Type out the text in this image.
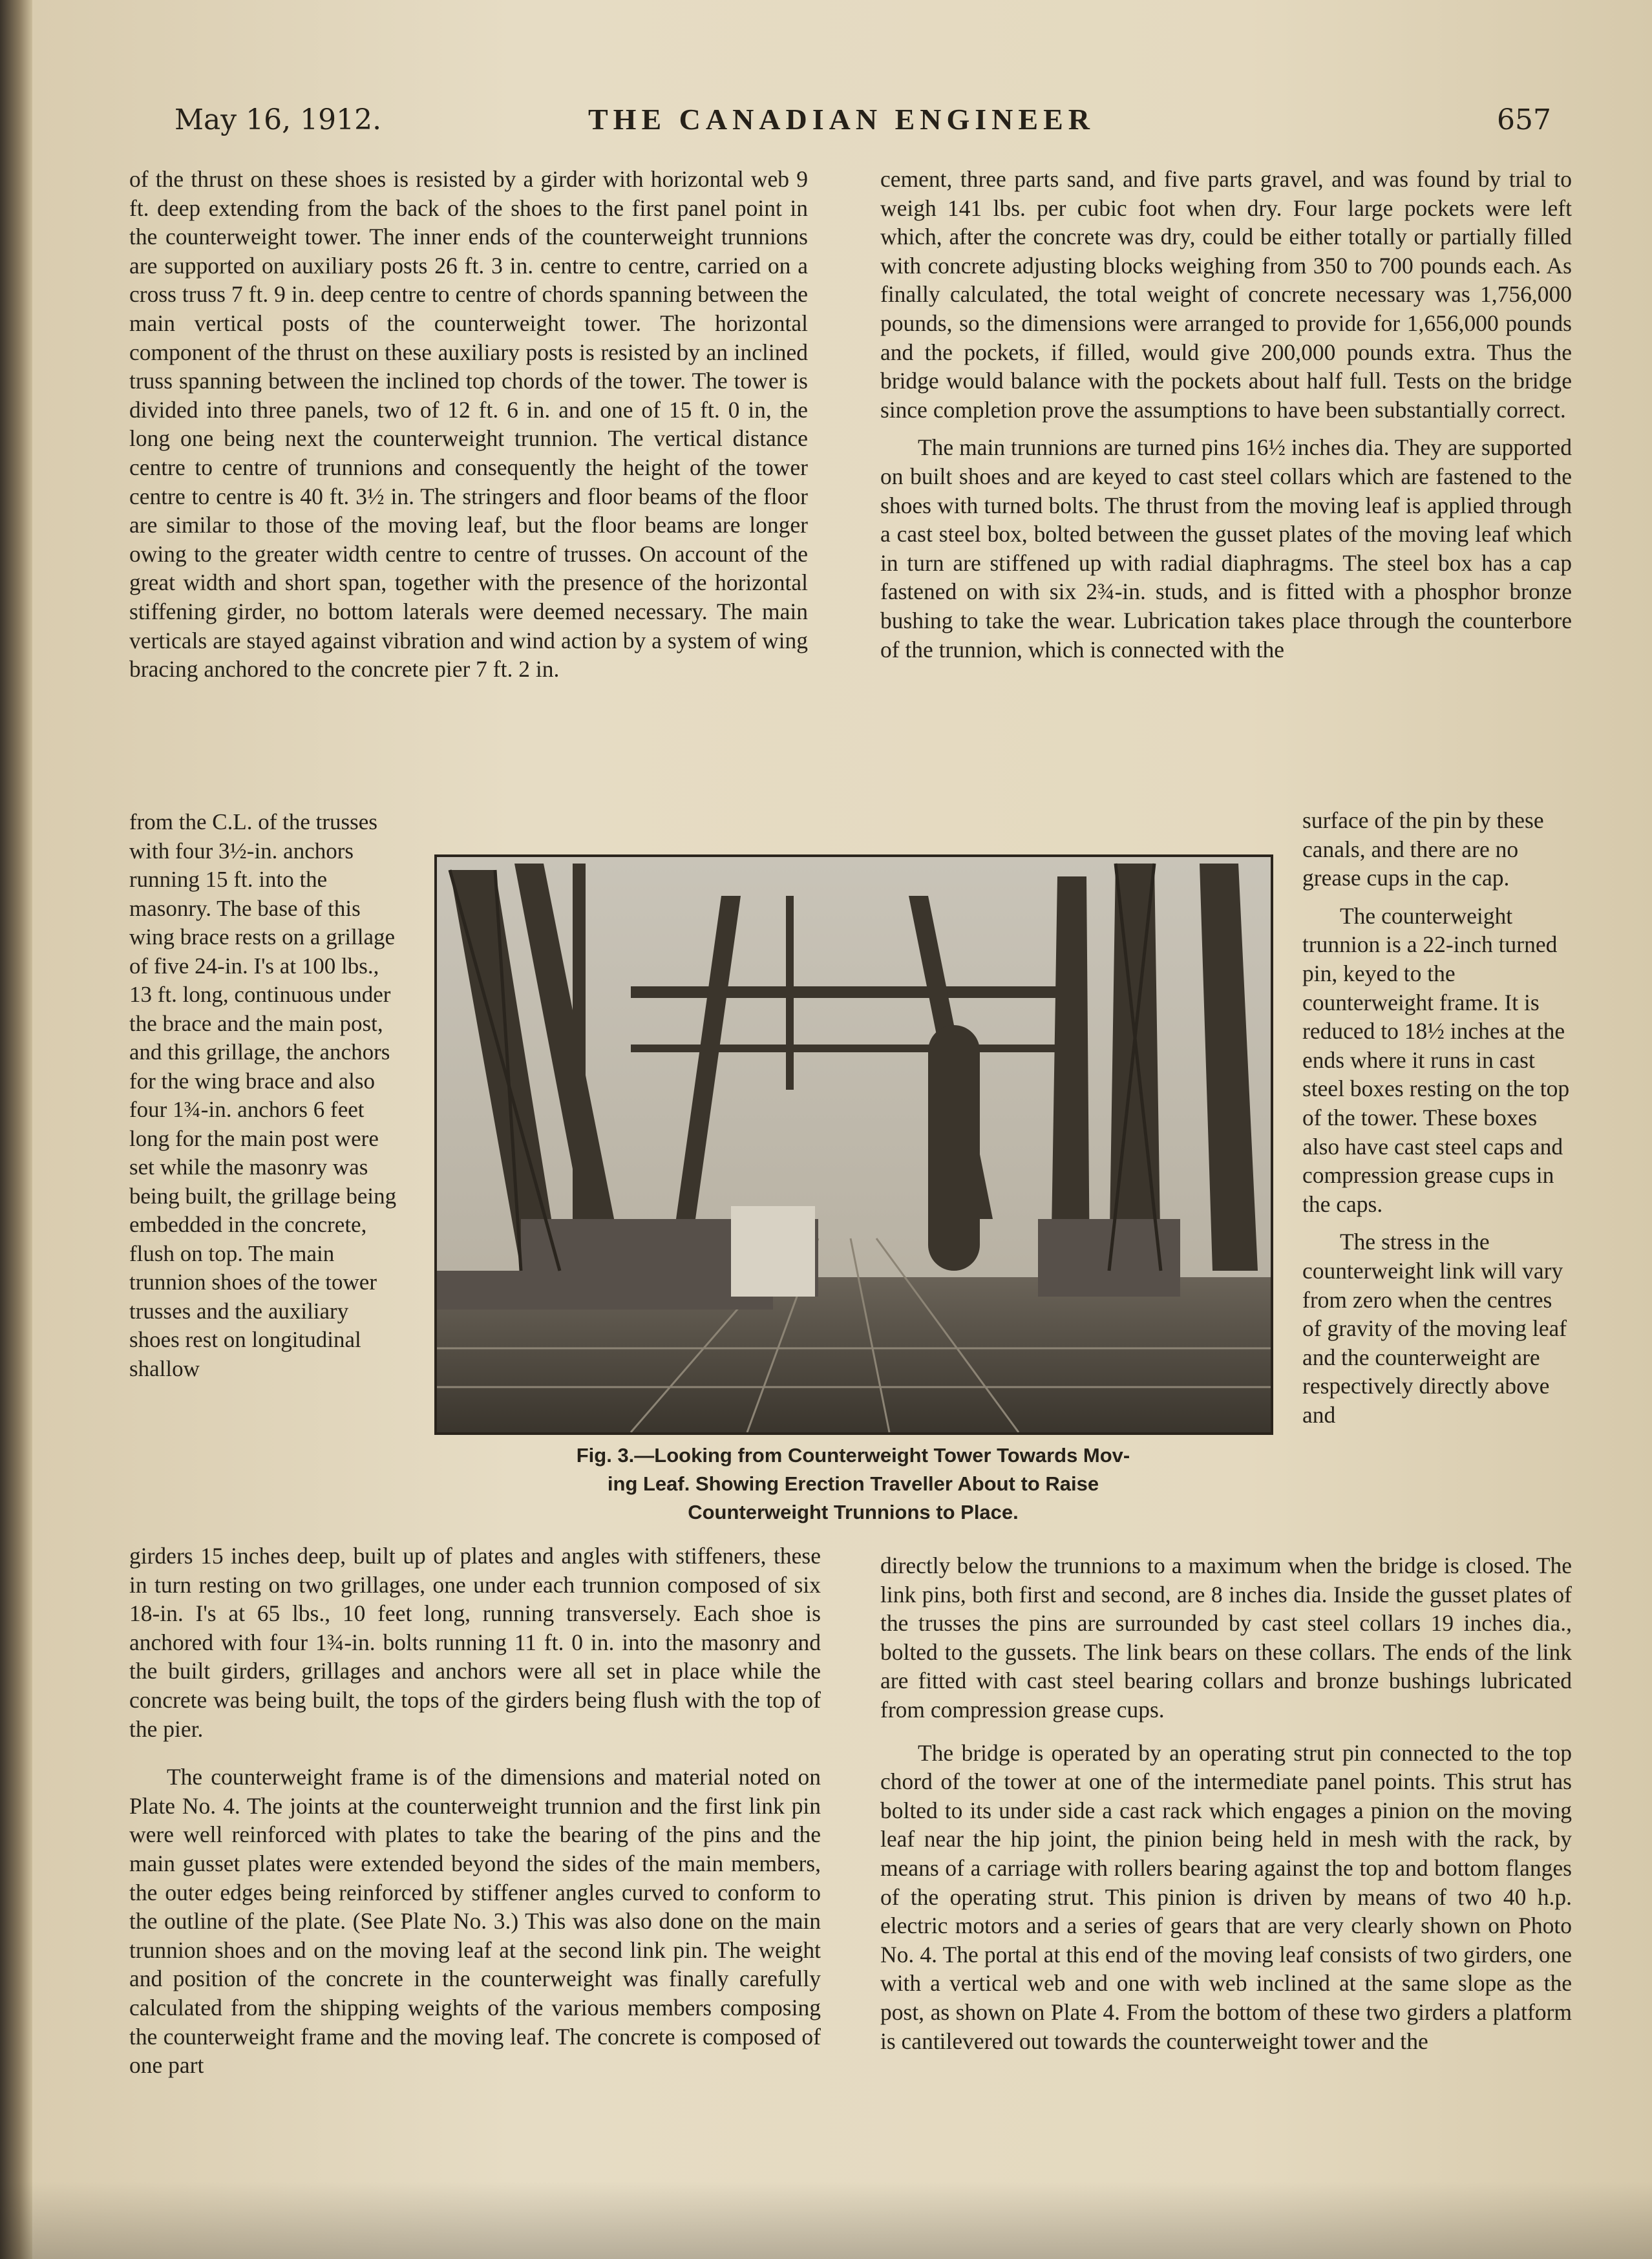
May 16, 1912.	THE CANADIAN ENGINEER	657

of the thrust on these shoes is resisted by a girder with horizontal web 9 ft. deep extending from the back of the shoes to the first panel point in the counterweight tower. The inner ends of the counterweight trunnions are supported on auxiliary posts 26 ft. 3 in. centre to centre, carried on a cross truss 7 ft. 9 in. deep centre to centre of chords spanning between the main vertical posts of the counterweight tower. The horizontal component of the thrust on these auxiliary posts is resisted by an inclined truss spanning between the inclined top chords of the tower. The tower is divided into three panels, two of 12 ft. 6 in. and one of 15 ft. 0 in, the long one being next the counterweight trunnion. The vertical distance centre to centre of trunnions and consequently the height of the tower centre to centre is 40 ft. 3½ in. The stringers and floor beams of the floor are similar to those of the moving leaf, but the floor beams are longer owing to the greater width centre to centre of trusses. On account of the great width and short span, together with the presence of the horizontal stiffening girder, no bottom laterals were deemed necessary. The main verticals are stayed against vibration and wind action by a system of wing bracing anchored to the concrete pier 7 ft. 2 in.

from the C.L. of the trusses with four 3½-in. anchors running 15 ft. into the masonry. The base of this wing brace rests on a grillage of five 24-in. I's at 100 lbs., 13 ft. long, continuous under the brace and the main post, and this grillage, the anchors for the wing brace and also four 1¾-in. anchors 6 feet long for the main post were set while the masonry was being built, the grillage being embedded in the concrete, flush on top. The main trunnion shoes of the tower trusses and the auxiliary shoes rest on longitudinal shallow

girders 15 inches deep, built up of plates and angles with stiffeners, these in turn resting on two grillages, one under each trunnion composed of six 18-in. I's at 65 lbs., 10 feet long, running transversely. Each shoe is anchored with four 1¾-in. bolts running 11 ft. 0 in. into the masonry and the built girders, grillages and anchors were all set in place while the concrete was being built, the tops of the girders being flush with the top of the pier.

The counterweight frame is of the dimensions and material noted on Plate No. 4. The joints at the counterweight trunnion and the first link pin were well reinforced with plates to take the bearing of the pins and the main gusset plates were extended beyond the sides of the main members, the outer edges being reinforced by stiffener angles curved to conform to the outline of the plate. (See Plate No. 3.) This was also done on the main trunnion shoes and on the moving leaf at the second link pin. The weight and position of the concrete in the counterweight was finally carefully calculated from the shipping weights of the various members composing the counterweight frame and the moving leaf. The concrete is composed of one part

cement, three parts sand, and five parts gravel, and was found by trial to weigh 141 lbs. per cubic foot when dry. Four large pockets were left which, after the concrete was dry, could be either totally or partially filled with concrete adjusting blocks weighing from 350 to 700 pounds each. As finally calculated, the total weight of concrete necessary was 1,756,000 pounds, so the dimensions were arranged to provide for 1,656,000 pounds and the pockets, if filled, would give 200,000 pounds extra. Thus the bridge would balance with the pockets about half full. Tests on the bridge since completion prove the assumptions to have been substantially correct.

The main trunnions are turned pins 16½ inches dia. They are supported on built shoes and are keyed to cast steel collars which are fastened to the shoes with turned bolts. The thrust from the moving leaf is applied through a cast steel box, bolted between the gusset plates of the moving leaf which in turn are stiffened up with radial diaphragms. The steel box has a cap fastened on with six 2¾-in. studs, and is fitted with a phosphor bronze bushing to take the wear. Lubrication takes place through the counterbore of the trunnion, which is connected with the

surface of the pin by these canals, and there are no grease cups in the cap.

The counterweight trunnion is a 22-inch turned pin, keyed to the counterweight frame. It is reduced to 18½ inches at the ends where it runs in cast steel boxes resting on the top of the tower. These boxes also have cast steel caps and compression grease cups in the caps.

The stress in the counterweight link will vary from zero when the centres of gravity of the moving leaf and the counterweight are respectively directly above and

directly below the trunnions to a maximum when the bridge is closed. The link pins, both first and second, are 8 inches dia. Inside the gusset plates of the trusses the pins are surrounded by cast steel collars 19 inches dia., bolted to the gussets. The link bears on these collars. The ends of the link are fitted with cast steel bearing collars and bronze bushings lubricated from compression grease cups.

The bridge is operated by an operating strut pin connected to the top chord of the tower at one of the intermediate panel points. This strut has bolted to its under side a cast rack which engages a pinion on the moving leaf near the hip joint, the pinion being held in mesh with the rack, by means of a carriage with rollers bearing against the top and bottom flanges of the operating strut. This pinion is driven by means of two 40 h.p. electric motors and a series of gears that are very clearly shown on Photo No. 4. The portal at this end of the moving leaf consists of two girders, one with a vertical web and one with web inclined at the same slope as the post, as shown on Plate 4. From the bottom of these two girders a platform is cantilevered out towards the counterweight tower and the

Fig. 3.—Looking from Counterweight Tower Towards Mov-
ing Leaf. Showing Erection Traveller About to Raise
Counterweight Trunnions to Place.
